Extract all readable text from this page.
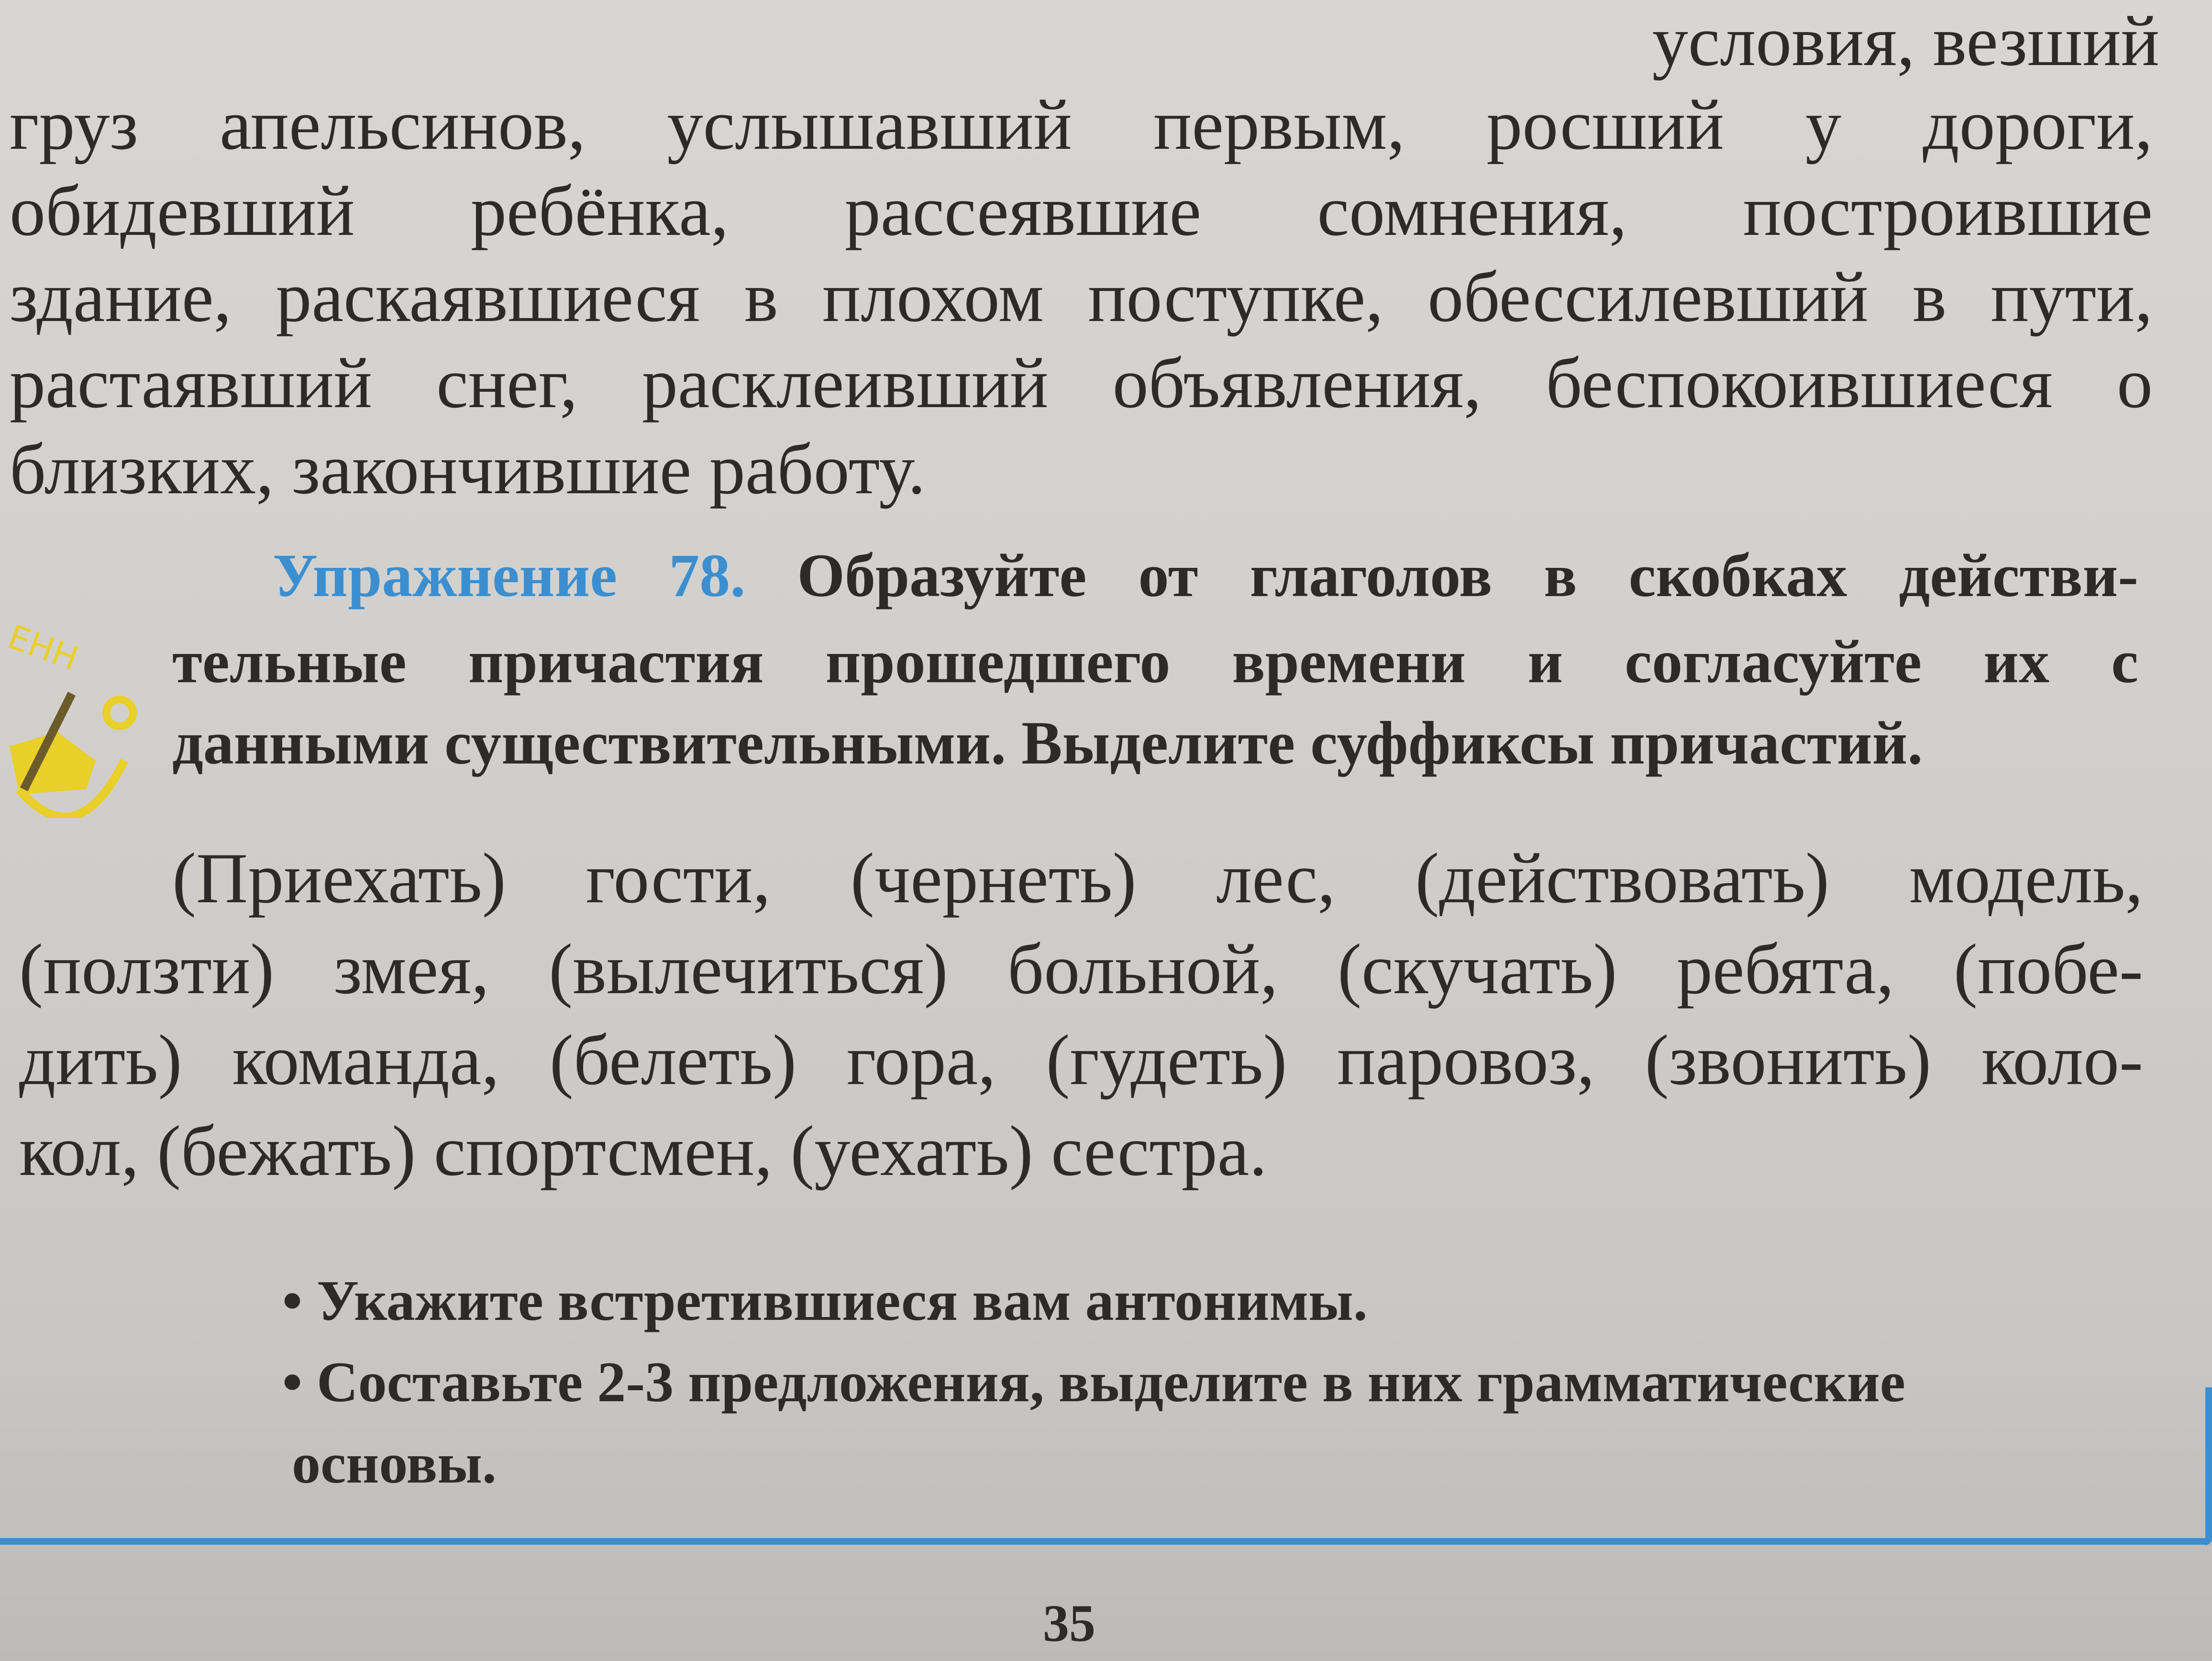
условия, везший
груз апельсинов, услышавший первым, росший у дороги,
обидевший ребёнка, рассеявшие сомнения, построившие
здание, раскаявшиеся в плохом поступке, обессилевший в пути,
растаявший снег, расклеивший объявления, беспокоившиеся о
близких, закончившие работу.
ЕНН
Упражнение 78. Образуйте от глаголов в скобках действи-
тельные причастия прошедшего времени и согласуйте их с
данными существительными. Выделите суффиксы причастий.
(Приехать) гости, (чернеть) лес, (действовать) модель,
(ползти) змея, (вылечиться) больной, (скучать) ребята, (побе-
дить) команда, (белеть) гора, (гудеть) паровоз, (звонить) коло-
кол, (бежать) спортсмен, (уехать) сестра.
• Укажите встретившиеся вам антонимы.
• Составьте 2-3 предложения, выделите в них грамматические
основы.
35
